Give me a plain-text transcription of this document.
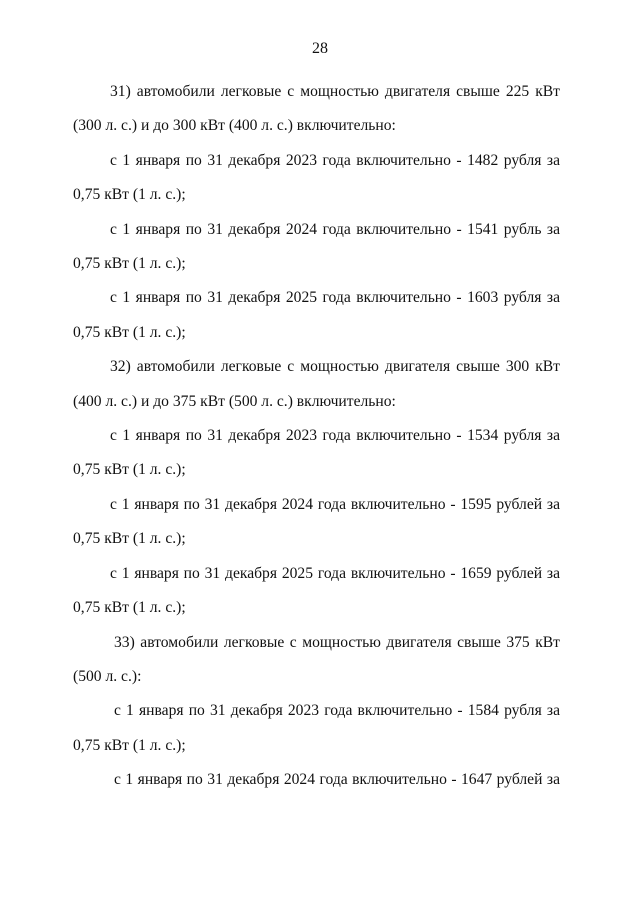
28

31) автомобили легковые с мощностью двигателя свыше 225 кВт (300 л. с.) и до 300 кВт (400 л. с.) включительно:

с 1 января по 31 декабря 2023 года включительно - 1482 рубля за 0,75 кВт (1 л. с.);

с 1 января по 31 декабря 2024 года включительно - 1541 рубль за 0,75 кВт (1 л. с.);

с 1 января по 31 декабря 2025 года включительно - 1603 рубля за 0,75 кВт (1 л. с.);

32) автомобили легковые с мощностью двигателя свыше 300 кВт (400 л. с.) и до 375 кВт (500 л. с.) включительно:

с 1 января по 31 декабря 2023 года включительно - 1534 рубля за 0,75 кВт (1 л. с.);

с 1 января по 31 декабря 2024 года включительно - 1595 рублей за 0,75 кВт (1 л. с.);

с 1 января по 31 декабря 2025 года включительно - 1659 рублей за 0,75 кВт (1 л. с.);

33) автомобили легковые с мощностью двигателя свыше 375 кВт (500 л. с.):

с 1 января по 31 декабря 2023 года включительно - 1584 рубля за 0,75 кВт (1 л. с.);

с 1 января по 31 декабря 2024 года включительно - 1647 рублей за
